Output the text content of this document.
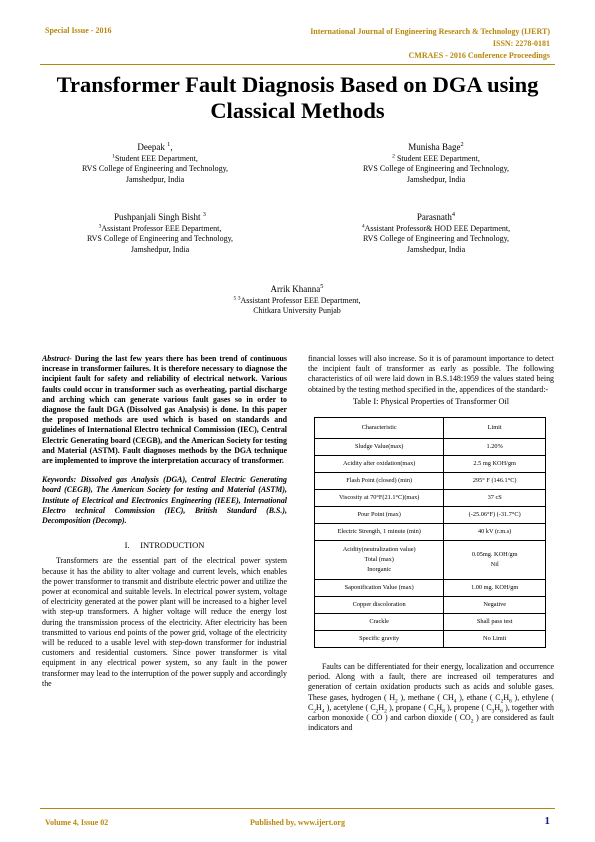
Special Issue - 2016	International Journal of Engineering Research & Technology (IJERT)
ISSN: 2278-0181
CMRAES - 2016 Conference Proceedings
Transformer Fault Diagnosis Based on DGA using
Classical Methods
Deepak $^1$,
$^1$Student EEE Department,
RVS College of Engineering and Technology,
Jamshedpur, India
Munisha Bage$^2$
$^2$ Student EEE Department,
RVS College of Engineering and Technology,
Jamshedpur, India
Pushpanjali Singh Bisht $^3$
$^3$Assistant Professor EEE Department,
RVS College of Engineering and Technology,
Jamshedpur, India
Parasnath$^4$
$^4$Assistant Professor& HOD EEE Department,
RVS College of Engineering and Technology,
Jamshedpur, India
Arrik Khanna$^5$
$^{5 3}$Assistant Professor EEE Department,
Chitkara University Punjab
Abstract- During the last few years there has been trend of continuous increase in transformer failures. It is therefore necessary to diagnose the incipient fault for safety and reliability of electrical network. Various faults could occur in transformer such as overheating, partial discharge and arching which can generate various fault gases so in order to diagnose the fault DGA (Dissolved gas Analysis) is done. In this paper the proposed methods are used which is based on standards and guidelines of International Electro technical Commission (IEC), Central Electric Generating board (CEGB), and the American Society for testing and Material (ASTM). Fault diagnoses methods by the DGA technique are implemented to improve the interpretation accuracy of transformer.
Keywords: Dissolved gas Analysis (DGA), Central Electric Generating board (CEGB), The American Society for testing and Material (ASTM), Institute of Electrical and Electronics Engineering (IEEE), International Electro technical Commission (IEC), British Standard (B.S.), Decomposition (Decomp).
I. INTRODUCTION

Transformers are the essential part of the electrical power system because it has the ability to alter voltage and current levels, which enables the power transformer to transmit and distribute electric power and utilize the power at economical and suitable levels. In electrical power system, voltage of electricity generated at the power plant will be increased to a higher level with step-up transformers. A higher voltage will reduce the energy lost during the transmission process of the electricity. After electricity has been transmitted to various end points of the power grid, voltage of the electricity will be reduced to a usable level with step-down transformer for industrial customers and residential customers. Since power transformer is vital equipment in any electrical power system, so any fault in the power transformer may lead to the interruption of the power supply and accordingly the

financial losses will also increase. So it is of paramount importance to detect the incipient fault of transformer as early as possible. The following characteristics of oil were laid down in B.S.148:1959 the values stated being obtained by the testing method specified in the, appendices of the standard:-

Table I: Physical Properties of Transformer Oil
Characteristic	Limit
Sludge Value(max)	1.20%
Acidity after oxidation(max)	2.5 mg KOH/gm
Flash Point (closed) (min)	295° F (146.1°C)
Viscosity at 70°F(21.1°C)(max)	37 cS
Pour Point (max)	(-25.06°F) (-31.7°C)
Electric Strength, 1 minute (min)	40 kV (r.m.s)
Acidity(neutralization value)
Total (max)
Inorganic	0.05mg. KOH/gm
Nil
Saponification Value (max)	1.00 mg. KOH/gm
Copper discoloration	Negative
Crackle	Shall pass test
Specific gravity	No Limit

Faults can be differentiated for their energy, localization and occurrence period. Along with a fault, there are increased oil temperatures and generation of certain oxidation products such as acids and soluble gases. These gases, hydrogen ( $H_2$ ), methane ( $CH_4$ ), ethane ( $C_2H_6$ ), ethylene ( $C_2H_4$ ), acetylene ( $C_2H_2$ ), propane ( $C_3H_8$ ), propene ( $C_3H_6$ ), together with carbon monoxide ( CO ) and carbon dioxide ( $CO_2$ ) are considered as fault indicators and

Volume 4, Issue 02	Published by, www.ijert.org	1
